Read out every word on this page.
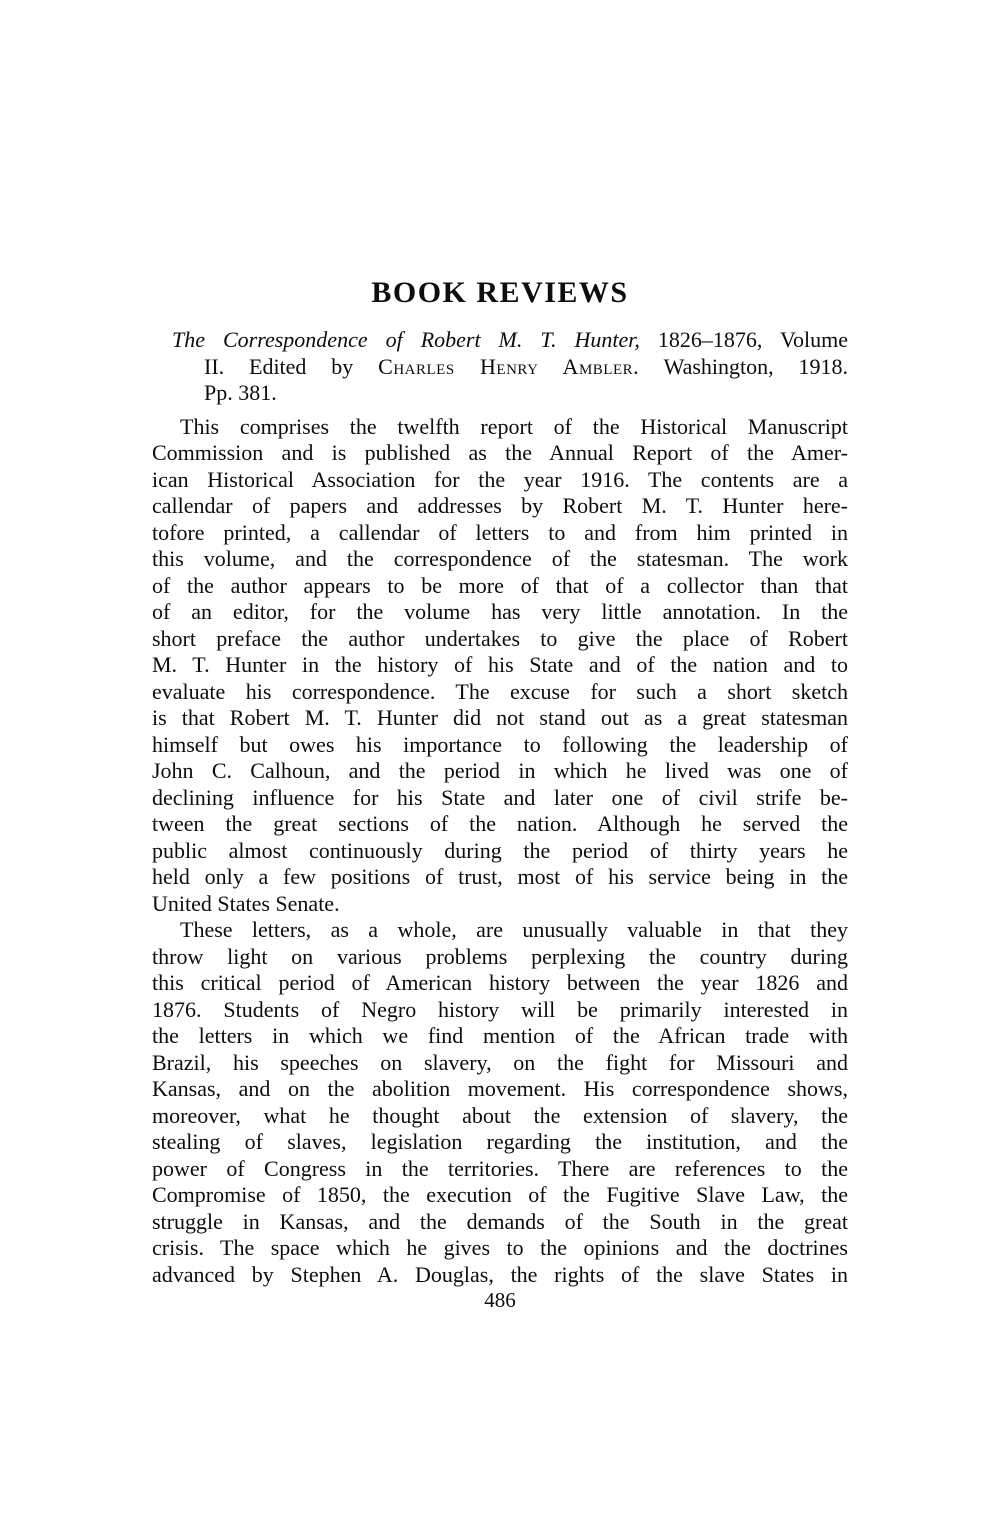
BOOK REVIEWS
The Correspondence of Robert M. T. Hunter, 1826–1876, Volume
II. Edited by Charles Henry Ambler. Washington, 1918.
Pp. 381.
This comprises the twelfth report of the Historical Manuscript
Commission and is published as the Annual Report of the Amer-
ican Historical Association for the year 1916. The contents are a
callendar of papers and addresses by Robert M. T. Hunter here-
tofore printed, a callendar of letters to and from him printed in
this volume, and the correspondence of the statesman. The work
of the author appears to be more of that of a collector than that
of an editor, for the volume has very little annotation. In the
short preface the author undertakes to give the place of Robert
M. T. Hunter in the history of his State and of the nation and to
evaluate his correspondence. The excuse for such a short sketch
is that Robert M. T. Hunter did not stand out as a great statesman
himself but owes his importance to following the leadership of
John C. Calhoun, and the period in which he lived was one of
declining influence for his State and later one of civil strife be-
tween the great sections of the nation. Although he served the
public almost continuously during the period of thirty years he
held only a few positions of trust, most of his service being in the
United States Senate.
These letters, as a whole, are unusually valuable in that they
throw light on various problems perplexing the country during
this critical period of American history between the year 1826 and
1876. Students of Negro history will be primarily interested in
the letters in which we find mention of the African trade with
Brazil, his speeches on slavery, on the fight for Missouri and
Kansas, and on the abolition movement. His correspondence shows,
moreover, what he thought about the extension of slavery, the
stealing of slaves, legislation regarding the institution, and the
power of Congress in the territories. There are references to the
Compromise of 1850, the execution of the Fugitive Slave Law, the
struggle in Kansas, and the demands of the South in the great
crisis. The space which he gives to the opinions and the doctrines
advanced by Stephen A. Douglas, the rights of the slave States in
486
